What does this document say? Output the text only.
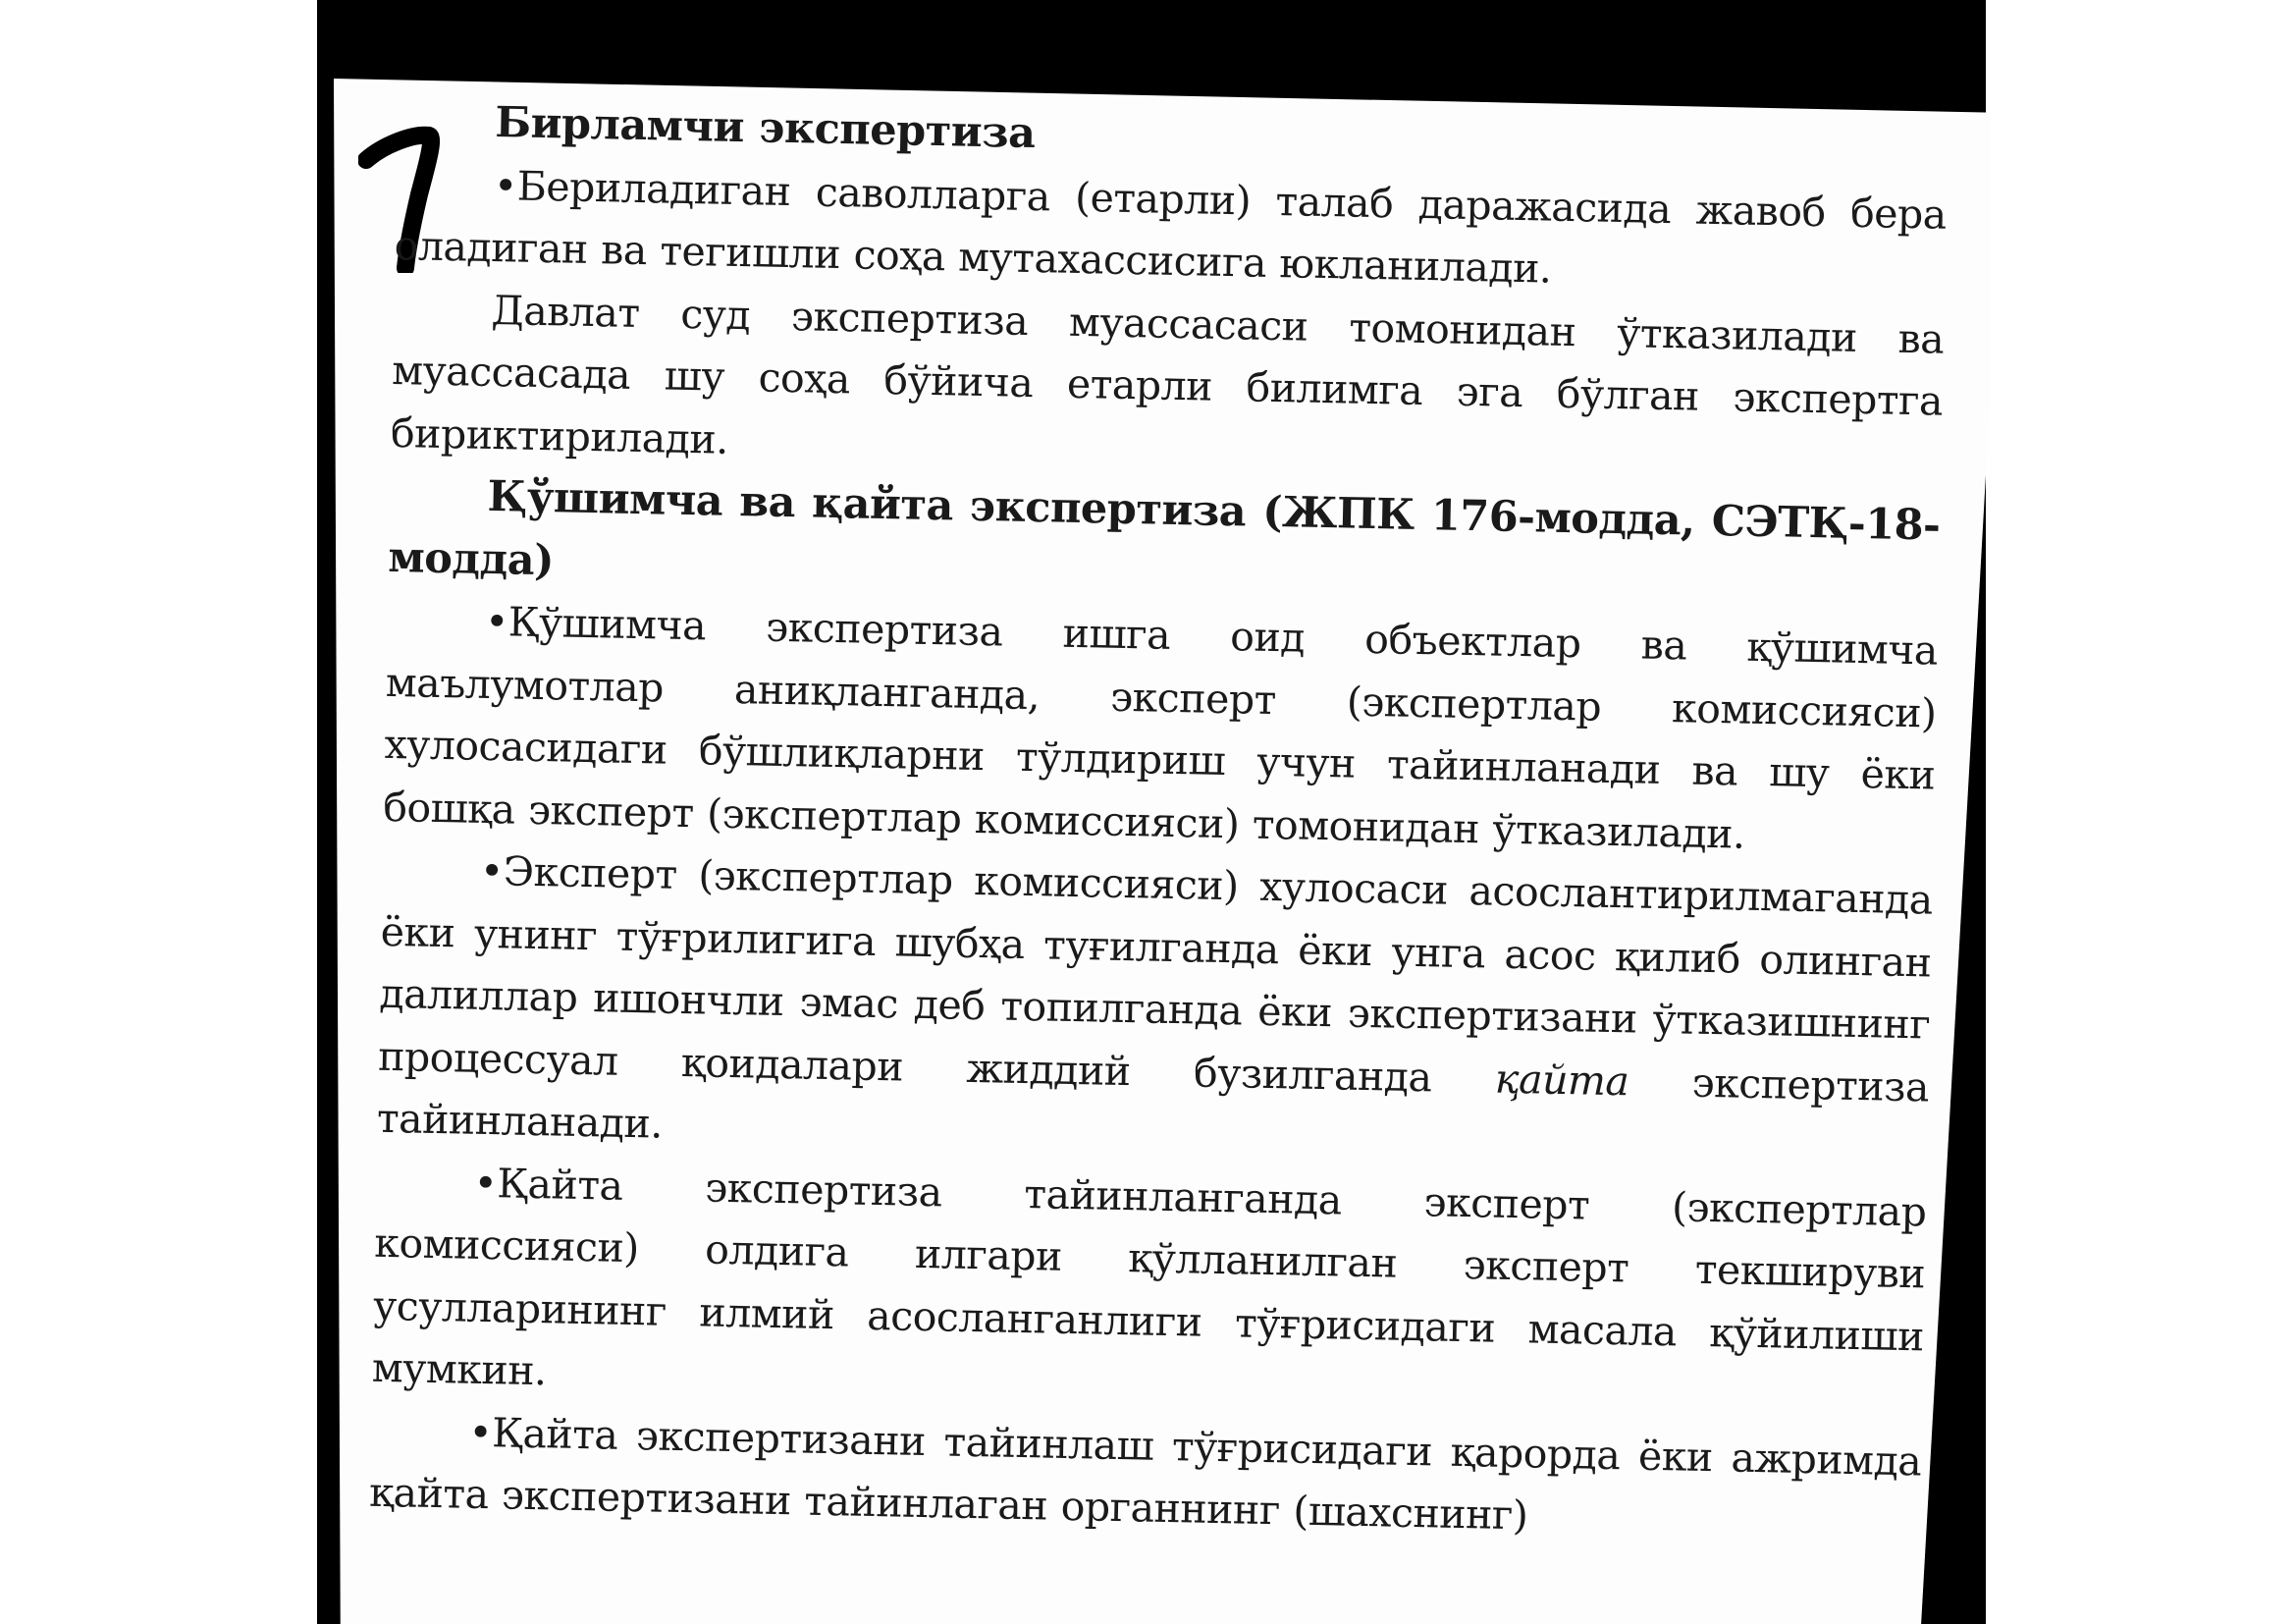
Бирламчи экспертиза

•Бериладиган саволларга (етарли) талаб даражасида жавоб бера оладиган ва тегишли соҳа мутахассисига юкланилади.

Давлат суд экспертиза муассасаси томонидан ўтказилади ва муассасада шу соҳа бўйича етарли билимга эга бўлган экспертга бириктирилади.

Қўшимча ва қайта экспертиза (ЖПК 176-модда, СЭТҚ-18-модда)

•Қўшимча экспертиза ишга оид объектлар ва қўшимча маълумотлар аниқланганда, эксперт (экспертлар комиссияси) хулосасидаги бўшлиқларни тўлдириш учун тайинланади ва шу ёки бошқа эксперт (экспертлар комиссияси) томонидан ўтказилади.

•Эксперт (экспертлар комиссияси) хулосаси асослантирилмаганда ёки унинг тўғрилигига шубҳа туғилганда ёки унга асос қилиб олинган далиллар ишончли эмас деб топилганда ёки экспертизани ўтказишнинг процессуал қоидалари жиддий бузилганда қайта экспертиза тайинланади.

•Қайта экспертиза тайинланганда эксперт (экспертлар комиссияси) олдига илгари қўлланилган эксперт текшируви усулларининг илмий асосланганлиги тўғрисидаги масала қўйилиши мумкин.

•Қайта экспертизани тайинлаш тўғрисидаги қарорда ёки ажримда қайта экспертизани тайинлаган органнинг (шахснинг)
